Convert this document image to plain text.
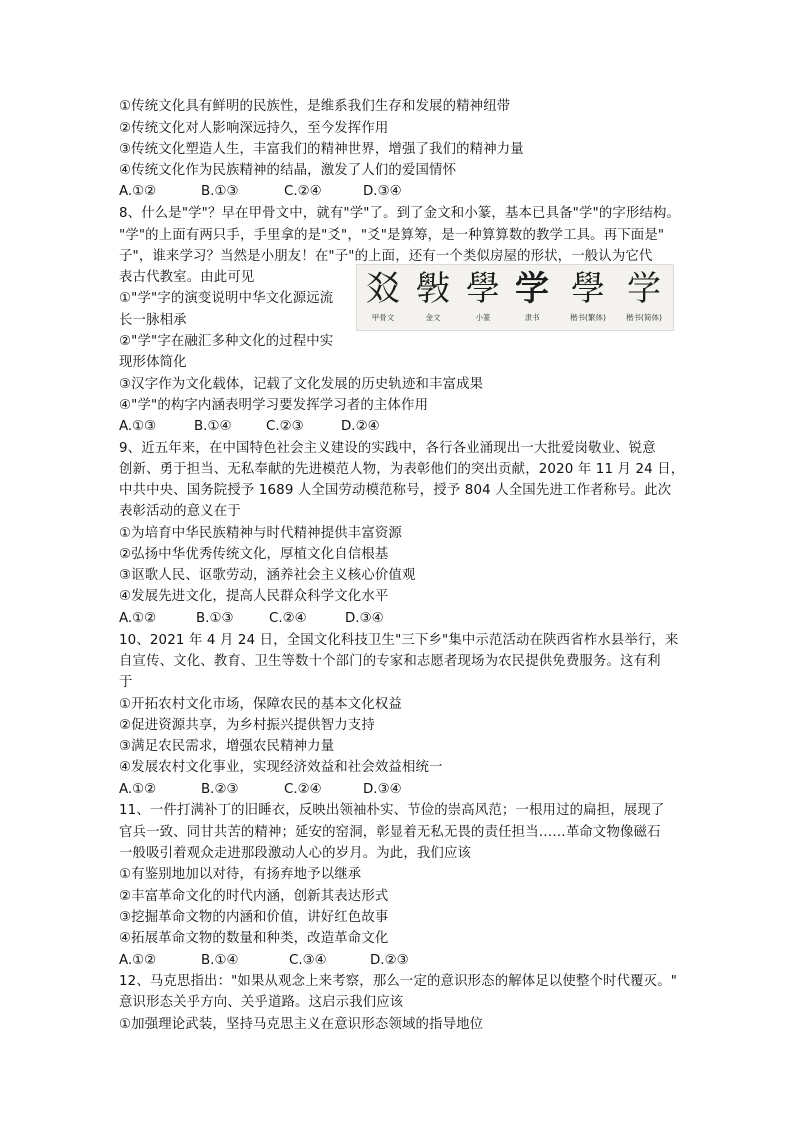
①传统文化具有鲜明的民族性，是维系我们生存和发展的精神纽带
②传统文化对人影响深远持久，至今发挥作用
③传统文化塑造人生，丰富我们的精神世界，增强了我们的精神力量
④传统文化作为民族精神的结晶，激发了人们的爱国情怀
A.①②	B.①③	C.②④	D.③④
8、什么是"学"？早在甲骨文中，就有"学"了。到了金文和小篆，基本已具备"学"的字形结构。
"学"的上面有两只手，手里拿的是"爻"，"爻"是算筹，是一种算算数的教学工具。再下面是"
子"，谁来学习？当然是小朋友！在"子"的上面，还有一个类似房屋的形状，一般认为它代
表古代教室。由此可见
①"学"字的演变说明中华文化源远流
长一脉相承
②"学"字在融汇多种文化的过程中实
现形体简化
③汉字作为文化载体，记载了文化发展的历史轨迹和丰富成果
④"学"的构字内涵表明学习要发挥学习者的主体作用
A.①③	B.①④	C.②③	D.②④
㸚 斅 學 学 學 学
甲骨文	金文	小篆	隶书	楷书(繁体)	楷书(简体)
9、近五年来，在中国特色社会主义建设的实践中，各行各业涌现出一大批爱岗敬业、锐意
创新、勇于担当、无私奉献的先进模范人物，为表彰他们的突出贡献，2020 年 11 月 24 日，
中共中央、国务院授予 1689 人全国劳动模范称号，授予 804 人全国先进工作者称号。此次
表彰活动的意义在于
①为培育中华民族精神与时代精神提供丰富资源
②弘扬中华优秀传统文化，厚植文化自信根基
③讴歌人民、讴歌劳动，涵养社会主义核心价值观
④发展先进文化，提高人民群众科学文化水平
A.①②	B.①③	C.②④	D.③④
10、2021 年 4 月 24 日，全国文化科技卫生"三下乡"集中示范活动在陕西省柞水县举行，来
自宣传、文化、教育、卫生等数十个部门的专家和志愿者现场为农民提供免费服务。这有利
于
①开拓农村文化市场，保障农民的基本文化权益
②促进资源共享，为乡村振兴提供智力支持
③满足农民需求，增强农民精神力量
④发展农村文化事业，实现经济效益和社会效益相统一
A.①②	B.②③	C.②④	D.③④
11、一件打满补丁的旧睡衣，反映出领袖朴实、节俭的崇高风范；一根用过的扁担，展现了
官兵一致、同甘共苦的精神；延安的窑洞，彰显着无私无畏的责任担当……革命文物像磁石
一般吸引着观众走进那段激动人心的岁月。为此，我们应该
①有鉴别地加以对待，有扬弃地予以继承
②丰富革命文化的时代内涵，创新其表达形式
③挖掘革命文物的内涵和价值，讲好红色故事
④拓展革命文物的数量和种类，改造革命文化
A.①②	B.①④	C.③④	D.②③
12、马克思指出："如果从观念上来考察，那么一定的意识形态的解体足以使整个时代覆灭。"
意识形态关乎方向、关乎道路。这启示我们应该
①加强理论武装，坚持马克思主义在意识形态领域的指导地位
